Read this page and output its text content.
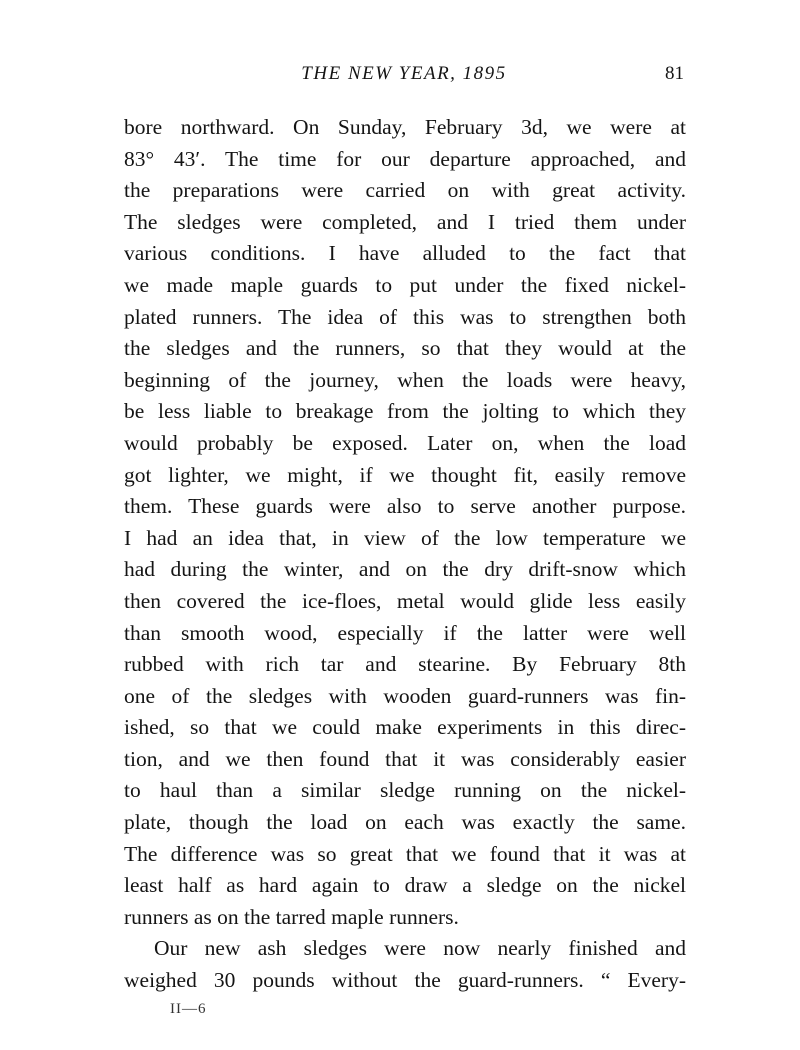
THE NEW YEAR, 1895	81
bore northward. On Sunday, February 3d, we were at
83° 43′. The time for our departure approached, and
the preparations were carried on with great activity.
The sledges were completed, and I tried them under
various conditions. I have alluded to the fact that
we made maple guards to put under the fixed nickel-
plated runners. The idea of this was to strengthen both
the sledges and the runners, so that they would at the
beginning of the journey, when the loads were heavy,
be less liable to breakage from the jolting to which they
would probably be exposed. Later on, when the load
got lighter, we might, if we thought fit, easily remove
them. These guards were also to serve another purpose.
I had an idea that, in view of the low temperature we
had during the winter, and on the dry drift-snow which
then covered the ice-floes, metal would glide less easily
than smooth wood, especially if the latter were well
rubbed with rich tar and stearine. By February 8th
one of the sledges with wooden guard-runners was fin-
ished, so that we could make experiments in this direc-
tion, and we then found that it was considerably easier
to haul than a similar sledge running on the nickel-
plate, though the load on each was exactly the same.
The difference was so great that we found that it was at
least half as hard again to draw a sledge on the nickel
runners as on the tarred maple runners.
Our new ash sledges were now nearly finished and
weighed 30 pounds without the guard-runners. “ Every-
II—6
